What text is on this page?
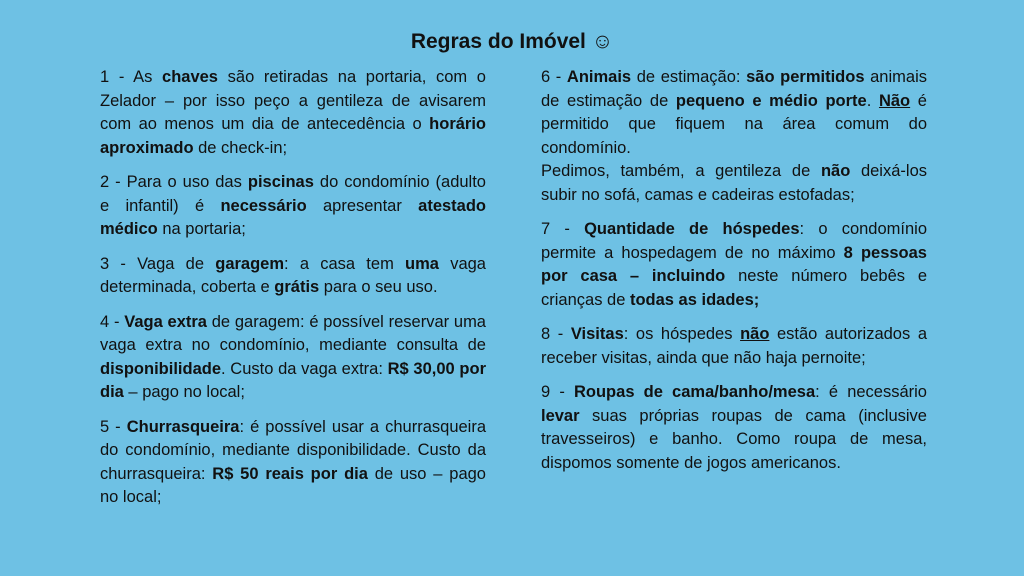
Regras do Imóvel ☺

1 - As chaves são retiradas na portaria, com o Zelador – por isso peço a gentileza de avisarem com ao menos um dia de antecedência o horário aproximado de check-in;

2 - Para o uso das piscinas do condomínio (adulto e infantil) é necessário apresentar atestado médico na portaria;

3 - Vaga de garagem: a casa tem uma vaga determinada, coberta e grátis para o seu uso.

4 - Vaga extra de garagem: é possível reservar uma vaga extra no condomínio, mediante consulta de disponibilidade. Custo da vaga extra: R$ 30,00 por dia – pago no local;

5 - Churrasqueira: é possível usar a churrasqueira do condomínio, mediante disponibilidade. Custo da churrasqueira: R$ 50 reais por dia de uso – pago no local;

6 - Animais de estimação: são permitidos animais de estimação de pequeno e médio porte. Não é permitido que fiquem na área comum do condomínio.

Pedimos, também, a gentileza de não deixá-los subir no sofá, camas e cadeiras estofadas;

7 - Quantidade de hóspedes: o condomínio permite a hospedagem de no máximo 8 pessoas por casa – incluindo neste número bebês e crianças de todas as idades;

8 - Visitas: os hóspedes não estão autorizados a receber visitas, ainda que não haja pernoite;

9 - Roupas de cama/banho/mesa: é necessário levar suas próprias roupas de cama (inclusive travesseiros) e banho. Como roupa de mesa, dispomos somente de jogos americanos.
